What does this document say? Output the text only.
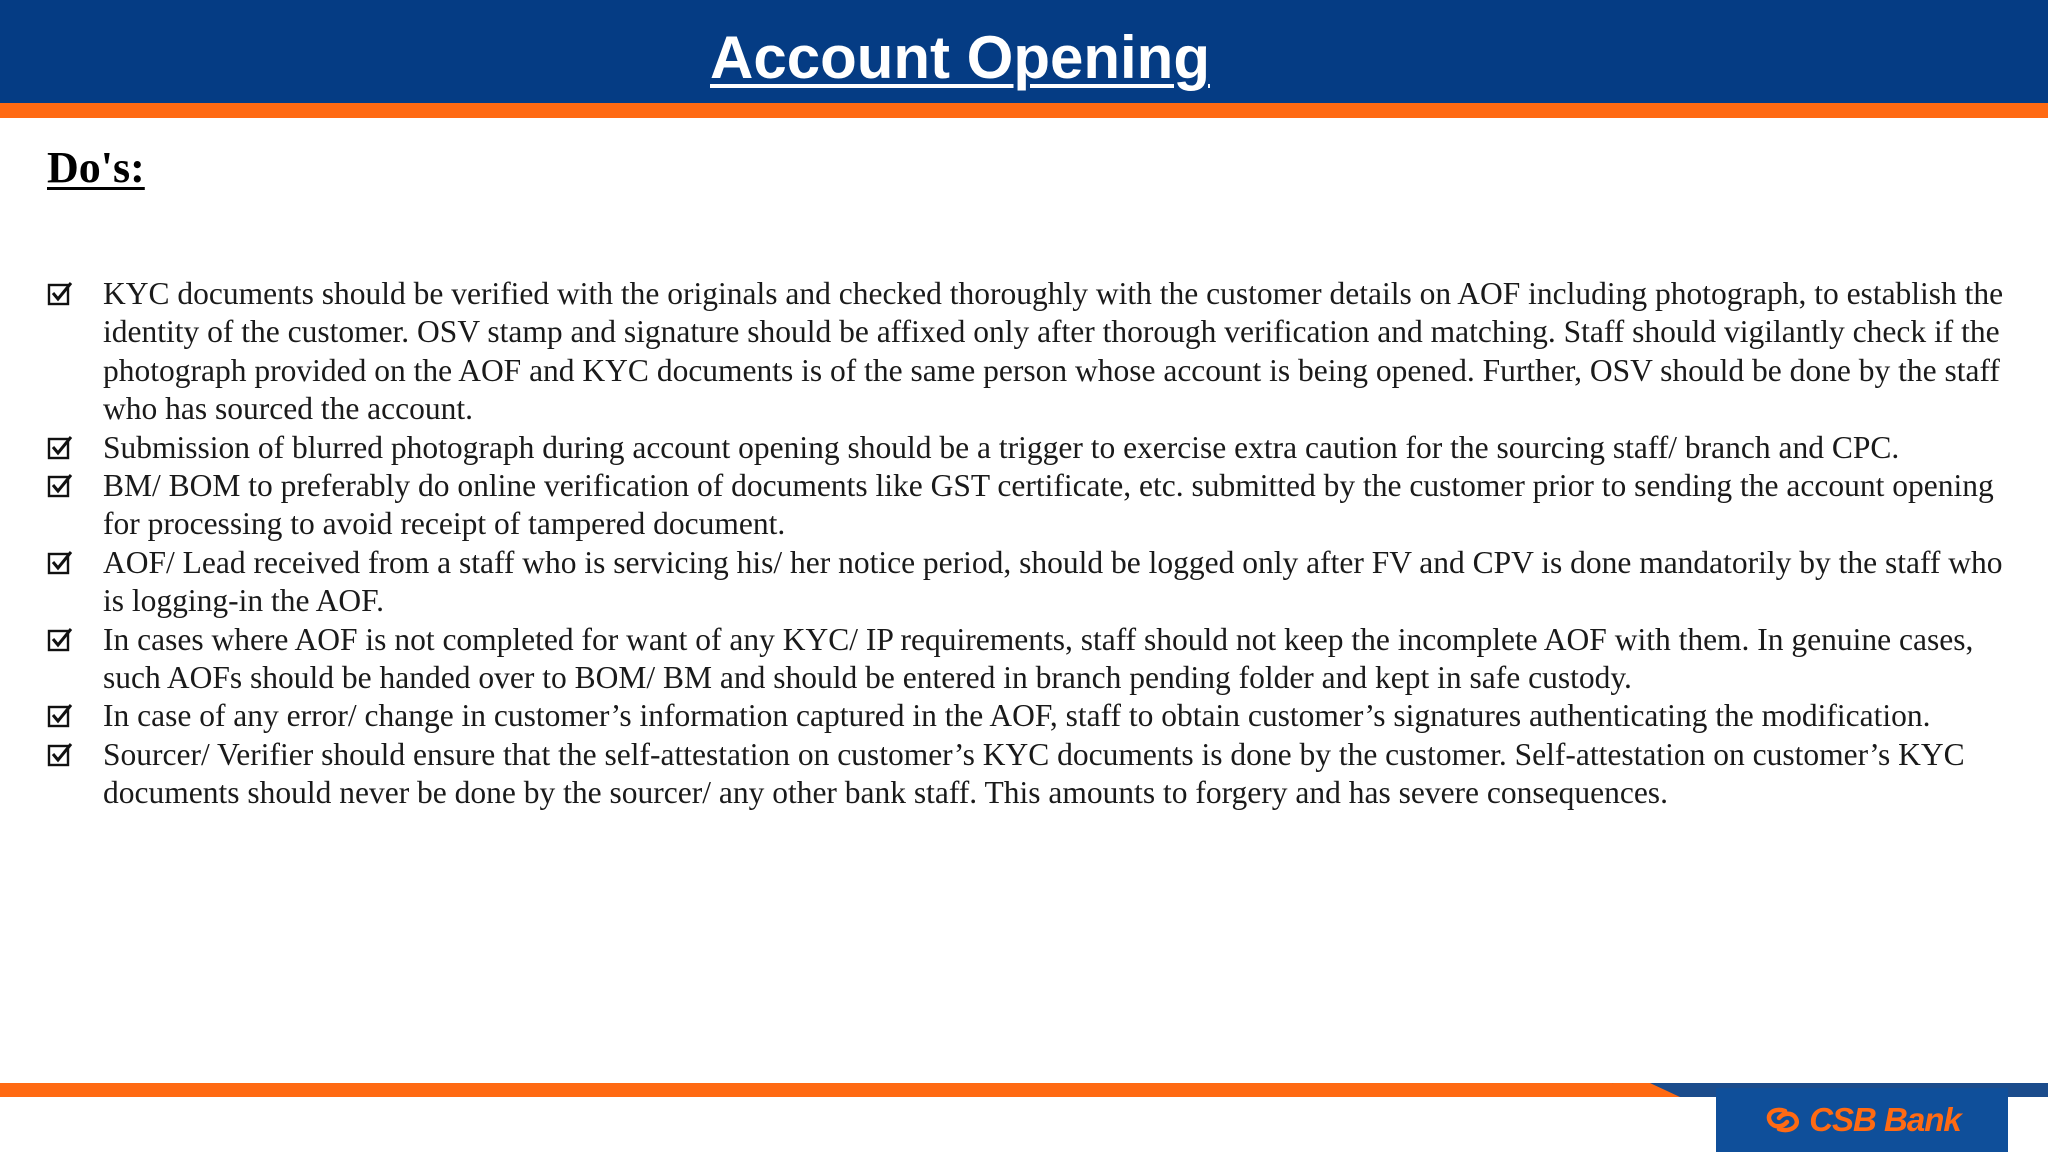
Account Opening
Do's:
KYC documents should be verified with the originals and checked thoroughly with the customer details on AOF including photograph, to establish the identity of the customer. OSV stamp and signature should be affixed only after thorough verification and matching. Staff should vigilantly check if the photograph provided on the AOF and KYC documents is of the same person whose account is being opened. Further, OSV should be done by the staff who has sourced the account.
Submission of blurred photograph during account opening should be a trigger to exercise extra caution for the sourcing staff/ branch and CPC.
BM/ BOM to preferably do online verification of documents like GST certificate, etc. submitted by the customer prior to sending the account opening for processing to avoid receipt of tampered document.
AOF/ Lead received from a staff who is servicing his/ her notice period, should be logged only after FV and CPV is done mandatorily by the staff who is logging-in the AOF.
In cases where AOF is not completed for want of any KYC/ IP requirements, staff should not keep the incomplete AOF with them. In genuine cases, such AOFs should be handed over to BOM/ BM and should be entered in branch pending folder and kept in safe custody.
In case of any error/ change in customer’s information captured in the AOF, staff to obtain customer’s signatures authenticating the modification.
Sourcer/ Verifier should ensure that the self-attestation on customer’s KYC documents is done by the customer. Self-attestation on customer’s KYC documents should never be done by the sourcer/ any other bank staff. This amounts to forgery and has severe consequences.
CSB Bank
